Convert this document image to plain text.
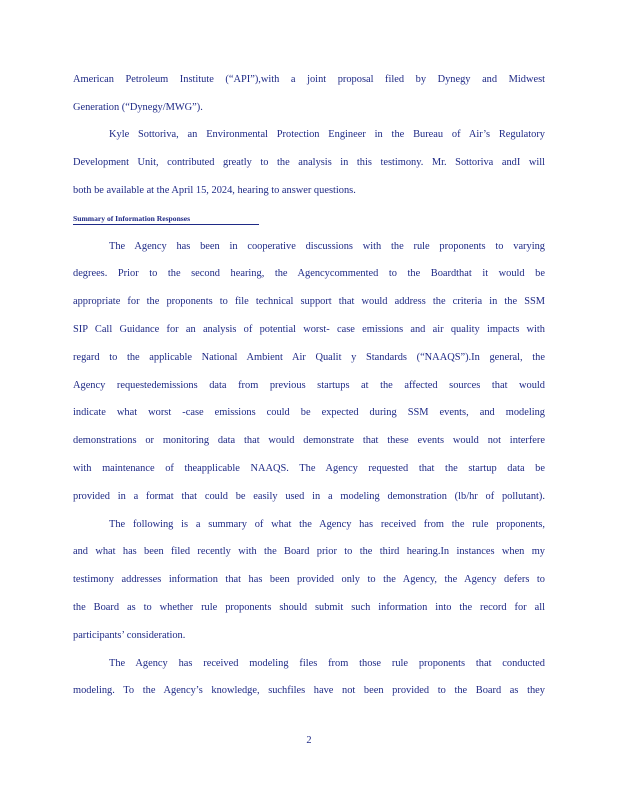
American Petroleum Institute (“API”),with a joint proposal filed by Dynegy and Midwest
Generation (“Dynegy/MWG”).
Kyle Sottoriva, an Environmental Protection Engineer in the Bureau of Air’s Regulatory
Development Unit, contributed greatly to the analysis in this testimony. Mr. Sottoriva andI will
both be available at the April 15, 2024, hearing to answer questions.
Summary of Information Responses
The Agency has been in cooperative discussions with the rule proponents to varying
degrees. Prior to the second hearing, the Agencycommented to the Boardthat it would be
appropriate for the proponents to file technical support that would address the criteria in the SSM
SIP Call Guidance for an analysis of potential worst- case emissions and air quality impacts with
regard to the applicable National Ambient Air Qualit y Standards (“NAAQS”).In general, the
Agency requestedemissions data from previous startups at the affected sources that would
indicate what worst -case emissions could be expected during SSM events, and modeling
demonstrations or monitoring data that would demonstrate that these events would not interfere
with maintenance of theapplicable NAAQS. The Agency requested that the startup data be
provided in a format that could be easily used in a modeling demonstration (lb/hr of pollutant).
The following is a summary of what the Agency has received from the rule proponents,
and what has been filed recently with the Board prior to the third hearing.In instances when my
testimony addresses information that has been provided only to the Agency, the Agency defers to
the Board as to whether rule proponents should submit such information into the record for all
participants’ consideration.
The Agency has received modeling files from those rule proponents that conducted
modeling. To the Agency’s knowledge, suchfiles have not been provided to the Board as they
2
